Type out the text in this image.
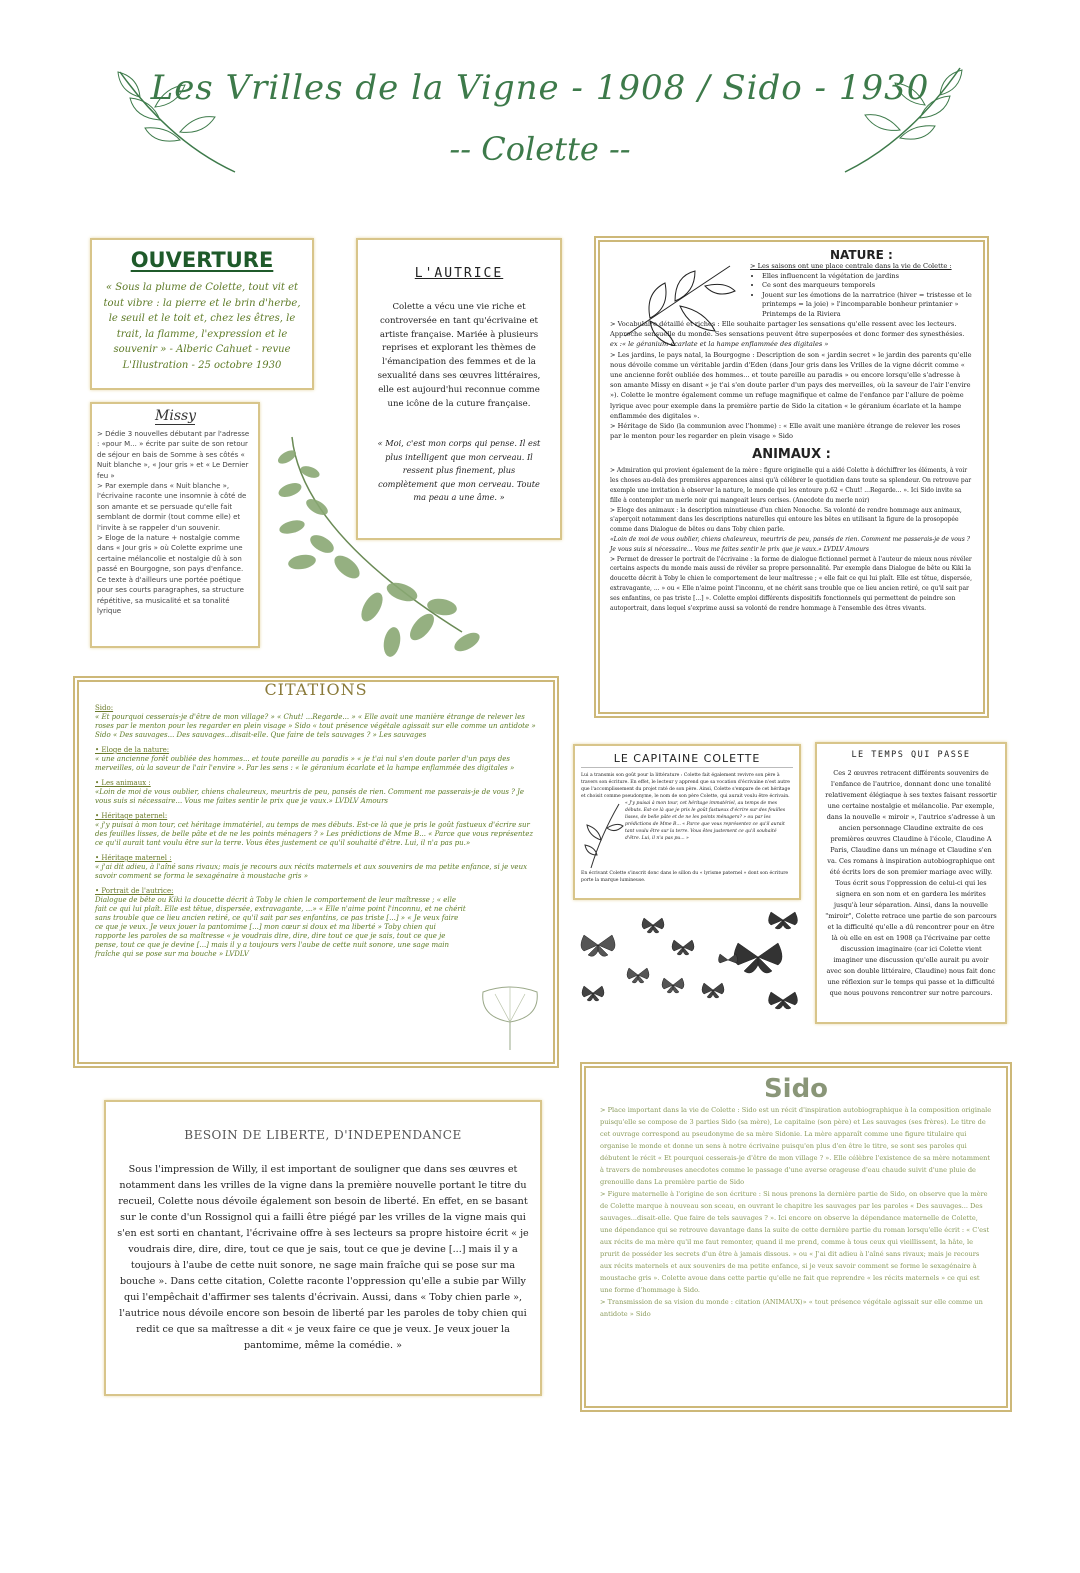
Les Vrilles de la Vigne - 1908 / Sido - 1930
-- Colette --
OUVERTURE
« Sous la plume de Colette, tout vit et tout vibre : la pierre et le brin d'herbe, le seuil et le toit et, chez les êtres, le trait, la flamme, l'expression et le souvenir » - Alberic Cahuet - revue L'Illustration - 25 octobre 1930
Missy
> Dédie 3 nouvelles débutant par l'adresse : «pour M... » écrite par suite de son retour de séjour en bais de Somme à ses côtés « Nuit blanche », « Jour gris » et « Le Dernier feu »
> Par exemple dans « Nuit blanche », l'écrivaine raconte une insomnie à côté de son amante et se persuade qu'elle fait semblant de dormir (tout comme elle) et l'invite à se rappeler d'un souvenir.
> Eloge de la nature + nostalgie comme dans « Jour gris » où Colette exprime une certaine mélancolie et nostalgie dû à son passé en Bourgogne, son pays d'enfance. Ce texte à d'ailleurs une portée poétique pour ses courts paragraphes, sa structure répétitive, sa musicalité et sa tonalité lyrique
L'AUTRICE
Colette a vécu une vie riche et controversée en tant qu'écrivaine et artiste française. Mariée à plusieurs reprises et explorant les thèmes de l'émancipation des femmes et de la sexualité dans ses œuvres littéraires, elle est aujourd'hui reconnue comme une icône de la cuture française.
« Moi, c'est mon corps qui pense. Il est plus intelligent que mon cerveau. Il ressent plus finement, plus complètement que mon cerveau. Toute ma peau a une âme. »
NATURE :
> Les saisons ont une place centrale dans la vie de Colette :
• Elles influencent la végétation de jardins
• Ce sont des marqueurs temporels
• Jouent sur les émotions de la narratrice (hiver = tristesse et le printemps = la joie) » l'incomparable bonheur printanier » Printemps de la Riviera
> Vocabulaire détaillé et riches : Elle souhaite partager les sensations qu'elle ressent avec les lecteurs. Approche sensuelle du monde. Ses sensations peuvent être superposées et donc former des synesthésies.
ex :« le géranium écarlate et la hampe enflammée des digitales »
> Les jardins, le pays natal, la Bourgogne : Description de son « jardin secret » le jardin des parents qu'elle nous dévoile comme un véritable jardin d'Eden (dans Jour gris dans les Vrilles de la vigne décrit comme « une ancienne forêt oubliée des hommes... et toute pareille au paradis » ou encore lorsqu'elle s'adresse à son amante Missy en disant « je t'ai s'en doute parler d'un pays des merveilles, où la saveur de l'air l'envire »). Colette le montre également comme un refuge magnifique et calme de l'enfance par l'allure de poème lyrique avec pour exemple dans la première partie de Sido la citation « le géranium écarlate et la hampe enflammée des digitales ».
> Héritage de Sido (la communion avec l'homme) : « Elle avait une manière étrange de relever les roses par le menton pour les regarder en plein visage » Sido
ANIMAUX :
> Admiration qui provient également de la mère : figure originelle qui a aidé Colette à déchiffrer les éléments, à voir les choses au-delà des premières apparences ainsi qu'à célébrer le quotidien dans toute sa splendeur. On retrouve par exemple une invitation à observer la nature, le monde qui les entoure p.62 « Chut! ...Regarde... ». Ici Sido invite sa fille à contempler un merle noir qui mangeait leurs cerises. (Anecdote du merle noir)
> Eloge des animaux : la description minutieuse d'un chien Nonoche. Sa volonté de rendre hommage aux animaux, s'aperçoit notamment dans les descriptions naturelles qui entoure les bêtes en utilisant la figure de la prosopopée comme dans Dialogue de bêtes ou dans Toby chien parle.
«Loin de moi de vous oublier, chiens chaleureux, meurtris de peu, pansés de rien. Comment me passerais-je de vous ? Je vous suis si nécessaire... Vous me faites sentir le prix que je vaux.» LVDLV Amours
> Permet de dresser le portrait de l'écrivaine : la forme de dialogue fictionnel permet à l'auteur de mieux nous révéler certains aspects du monde mais aussi de révéler sa propre personnalité. Par exemple dans Dialogue de bête ou Kiki la doucette décrit à Toby le chien le comportement de leur maîtresse ; « elle fait ce qui lui plaît. Elle est têtue, dispersée, extravagante, ... » ou « Elle n'aime point l'inconnu, et ne chérit sans trouble que ce lieu ancien retiré, ce qu'il sait par ses enfantins, ce pas triste [...] ». Colette emploi différents dispositifs fonctionnels qui permettent de peindre son autoportrait, dans lequel s'exprime aussi sa volonté de rendre hommage à l'ensemble des êtres vivants.
CITATIONS
Sido:
« Et pourquoi cesserais-je d'être de mon village? » « Chut! ...Regarde... » « Elle avait une manière étrange de relever les roses par le menton pour les regarder en plein visage » Sido « tout présence végétale agissait sur elle comme un antidote » Sido « Des sauvages... Des sauvages...disait-elle. Que faire de tels sauvages ? » Les sauvages
• Eloge de la nature:
« une ancienne forêt oubliée des hommes... et toute pareille au paradis » « je t'ai nul s'en doute parler d'un pays des merveilles, où la saveur de l'air l'envire ». Par les sens : « le géranium écarlate et la hampe enflammée des digitales »
• Les animaux :
«Loin de moi de vous oublier, chiens chaleureux, meurtris de peu, pansés de rien. Comment me passerais-je de vous ? Je vous suis si nécessaire... Vous me faites sentir le prix que je vaux.» LVDLV Amours
• Héritage paternel:
« j'y puisai à mon tour, cet héritage immatériel, au temps de mes débuts. Est-ce là que je pris le goût fastueux d'écrire sur des feuilles lisses, de belle pâte et de ne les points ménagers ? » Les prédictions de Mme B... « Parce que vous représentez ce qu'il aurait tant voulu être sur la terre. Vous êtes justement ce qu'il souhaité d'être. Lui, il n'a pas pu.»
• Héritage maternel :
« j'ai dit adieu, à l'aîné sans rivaux; mais je recours aux récits maternels et aux souvenirs de ma petite enfance, si je veux savoir comment se forma le sexagénaire à moustache gris »
• Portrait de l'autrice:
Dialogue de bête ou Kiki la doucette décrit à Toby le chien le comportement de leur maîtresse ; « elle fait ce qui lui plaît. Elle est têtue, dispersée, extravagante, ...» « Elle n'aime point l'inconnu, et ne chérit sans trouble que ce lieu ancien retiré, ce qu'il sait par ses enfantins, ce pas triste [...] » « Je veux faire ce que je veux. Je veux jouer la pantomime [...] mon cœur si doux et ma liberté » Toby chien qui rapporte les paroles de sa maîtresse « je voudrais dire, dire, dire tout ce que je sais, tout ce que je pense, tout ce que je devine [...] mais il y a toujours vers l'aube de cette nuit sonore, une sage main fraîche qui se pose sur ma bouche » LVDLV
LE CAPITAINE COLETTE
Lui a transmis son goût pour la littérature : Colette fait également revivre son père à travers son écriture. En effet, le lecteur y apprend que sa vocation d'écrivaine n'est autre que l'accomplissement du projet raté de son père. Ainsi, Colette s'empare de cet héritage et choisit comme pseudonyme, le nom de son père Colette, qui aurait voulu être écrivain.
« J'y puisai à mon tour, cet héritage immatériel, au temps de mes débuts. Est-ce là que je pris le goût fastueux d'écrire sur des feuilles lisses, de belle pâte et de ne les points ménagers? » ou par les prédictions de Mme B... « Parce que vous représentez ce qu'il aurait tant voulu être sur la terre. Vous êtes justement ce qu'il souhaité d'être. Lui, il n'a pas pu... »
En écrivant Colette s'inscrit donc dans le sillon du « lyrisme paternel » dont son écriture porte la marque lumineuse.
LE TEMPS QUI PASSE
Ces 2 œuvres retracent différents souvenirs de l'enfance de l'autrice, donnant donc une tonalité relativement élégiaque à ses textes faisant ressortir une certaine nostalgie et mélancolie. Par exemple, dans la nouvelle « miroir », l'autrice s'adresse à un ancien personnage Claudine extraite de ces premières œuvres Claudine à l'école, Claudine A Paris, Claudine dans un ménage et Claudine s'en va. Ces romans à inspiration autobiographique ont été écrits lors de son premier mariage avec willy. Tous écrit sous l'oppression de celui-ci qui les signera en son nom et en gardera les mérites jusqu'à leur séparation. Ainsi, dans la nouvelle "miroir", Colette retrace une partie de son parcours et la difficulté qu'elle a dû rencontrer pour en être là où elle en est en 1908 ça l'écrivaine par cette discussion imaginaire (car ici Colette vient imaginer une discussion qu'elle aurait pu avoir avec son double littéraire, Claudine) nous fait donc une réflexion sur le temps qui passe et la difficulté que nous pouvons rencontrer sur notre parcours.
BESOIN DE LIBERTE, D'INDEPENDANCE
Sous l'impression de Willy, il est important de souligner que dans ses œuvres et notamment dans les vrilles de la vigne dans la première nouvelle portant le titre du recueil, Colette nous dévoile également son besoin de liberté. En effet, en se basant sur le conte d'un Rossignol qui a failli être piégé par les vrilles de la vigne mais qui s'en est sorti en chantant, l'écrivaine offre à ses lecteurs sa propre histoire écrit « je voudrais dire, dire, dire, tout ce que je sais, tout ce que je devine [...] mais il y a toujours à l'aube de cette nuit sonore, ne sage main fraîche qui se pose sur ma bouche ». Dans cette citation, Colette raconte l'oppression qu'elle a subie par Willy qui l'empêchait d'affirmer ses talents d'écrivain. Aussi, dans « Toby chien parle », l'autrice nous dévoile encore son besoin de liberté par les paroles de toby chien qui redit ce que sa maîtresse a dit « je veux faire ce que je veux. Je veux jouer la pantomime, même la comédie. »
Sido
> Place important dans la vie de Colette : Sido est un récit d'inspiration autobiographique à la composition originale puisqu'elle se compose de 3 parties Sido (sa mère), Le capitaine (son père) et Les sauvages (ses frères). Le titre de cet ouvrage correspond au pseudonyme de sa mère Sidonie. La mère apparaît comme une figure titulaire qui organise le monde et donne un sens à notre écrivaine puisqu'en plus d'en être le titre, se sont ses paroles qui débutent le récit « Et pourquoi cesserais-je d'être de mon village ? ». Elle célèbre l'existence de sa mère notamment à travers de nombreuses anecdotes comme le passage d'une averse orageuse d'eau chaude suivit d'une pluie de grenouille dans La première partie de Sido
> Figure maternelle à l'origine de son écriture : Si nous prenons la dernière partie de Sido, on observe que la mère de Colette marque à nouveau son sceau, en ouvrant le chapitre les sauvages par les paroles « Des sauvages... Des sauvages...disait-elle. Que faire de tels sauvages ? ». Ici encore on observe la dépendance maternelle de Colette, une dépendance qui se retrouve davantage dans la suite de cette dernière partie du roman lorsqu'elle écrit : « C'est aux récits de ma mère qu'il me faut remonter, quand il me prend, comme à tous ceux qui vieillissent, la hâte, le prurit de posséder les secrets d'un être à jamais dissous. » ou « J'ai dit adieu à l'aîné sans rivaux; mais je recours aux récits maternels et aux souvenirs de ma petite enfance, si je veux savoir comment se forme le sexagénaire à moustache gris ». Colette avoue dans cette partie qu'elle ne fait que reprendre « les récits maternels » ce qui est une forme d'hommage à Sido.
> Transmission de sa vision du monde : citation (ANIMAUX)» « tout présence végétale agissait sur elle comme un antidote » Sido
